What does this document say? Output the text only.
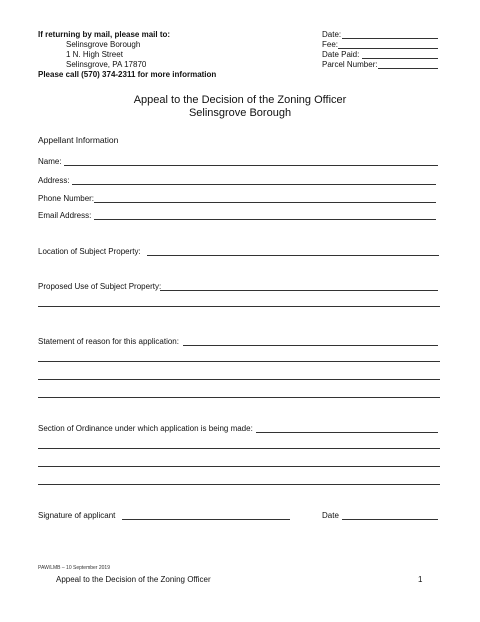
If returning by mail, please mail to:
Selinsgrove Borough
1 N. High Street
Selinsgrove, PA 17870
Please call (570) 374-2311 for more information
Date:
Fee:
Date Paid:
Parcel Number:
Appeal to the Decision of the Zoning Officer
Selinsgrove Borough
Appellant Information
Name:
Address:
Phone Number:
Email Address:
Location of Subject Property:
Proposed Use of Subject Property:
Statement of reason for this application:
Section of Ordinance under which application is being made:
Signature of applicant	Date
PAW/LMB – 10 September 2019
Appeal to the Decision of the Zoning Officer	1
